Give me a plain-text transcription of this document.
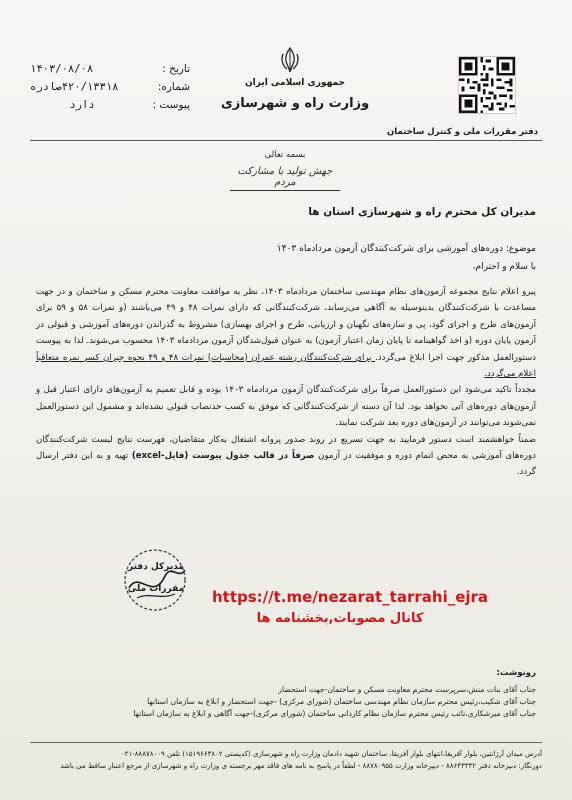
تاریخ :
۱۴۰۳/۰۸/۰۸
شماره:
۴۲۰/۱۳۳۱۸صادره
پیوست :
دارد
جمهوری اسلامی ایران
وزارت راه و شهرسازی
دفتر مقررات ملی و کنترل ساختمان
بسمه تعالی
جهش تولید با مشارکت مردم
مدیران کل محترم راه و شهرسازی استان ها
موضوع: دوره‌های آموزشی برای شرکت‌کنندگان آزمون مردادماه ۱۴۰۳
با سلام و احترام،

پیرو اعلام نتایج مجموعه آزمون‌های نظام مهندسی ساختمان مردادماه ۱۴۰۳، نظر به موافقت معاونت محترم مسکن و ساختمان و در جهت مساعدت با شرکت‌کنندگان بدینوسیله به آگاهی می‌رساند، شرکت‌کنندگانی که دارای نمرات ۴۸ و ۴۹ می‌باشند (و نمرات ۵۸ و ۵۹ برای آزمون‌های طرح و اجرای گود، پی و سازه‌های نگهبان و ارزیابی، طرح و اجرای بهسازی) مشروط به گذراندن دوره‌های آموزشی و قبولی در آزمون پایان دوره (و اخذ گواهینامه تا پایان زمان اعتبار آزمون) به عنوان قبول‌شدگان آزمون مردادماه ۱۴۰۳ محسوب می‌شوند. لذا به پیوست دستورالعمل مذکور جهت اجرا ابلاغ می‌گردد. برای شرکت‌کنندگان رشته عمران (محاسبات) نمرات ۴۸ و ۴۹ نحوه جبران کسر نمره متعاقباً اعلام می‌گردد.

مجدداً تاکید می‌شود این دستورالعمل صرفاً برای شرکت‌کنندگان آزمون مردادماه ۱۴۰۳ بوده و قابل تعمیم به آزمون‌های دارای اعتبار قبل و آزمون‌های دوره‌های آتی نخواهد بود. لذا آن دسته از شرکت‌کنندگانی که موفق به کسب حدنصاب قبولی نشده‌اند و مشمول این دستورالعمل نمی‌شوند می‌توانند در آزمون‌های دوره بعد شرکت نمایند.

ضمناً خواهشمند است دستور فرمایید به جهت تسریع در روند صدور پروانه اشتغال به‌کار متقاضیان، فهرست نتایج لیست شرکت‌کنندگان دوره‌های آموزشی به محض اتمام دوره و موفقیت در آزمون صرفاً در قالب جدول پیوست (فایل-excel) تهیه و به این دفتر ارسال گردد.

مدیرکل دفتر
مقررات ملی https://t.me/nezarat_tarrahi_ejra
کانال مصوبات,بخشنامه ها
رونوشت:
جناب آقای بنات منش،سرپرست محترم معاونت مسکن و ساختمان-جهت استحضار
جناب آقای شکیب،رئیس محترم سازمان نظام مهندسی ساختمان (شورای مرکزی) -جهت استحضار و ابلاغ به سازمان استانها
جناب آقای میرشکاری،نائب رئیس محترم سازمان نظام کاردانی ساختمان (شورای مرکزی)-جهت آگاهی و ابلاغ به سازمان استانها
آدرس میدان آرژانتین، بلوار آفریقا،انتهای بلوار آفریقا، ساختمان شهید دادمان وزارت راه و شهرسازی (کدپستی ۱۵۱۹۶۶۳۸۰۲) تلفن ۸۸۸۷۸۰۰۹-۰۲۱
دورنگار: دبیرخانه دفتر ۸۸۶۴۳۳۳۲ - دیپرخانه وزارت ۸۸۷۸۰۹۵۵ - لطفاً در پاسخ به نامه های فاقد مهر برجسته ی وزارت راه و شهرسازی از مرجع اعتبار ساقط می باشد
